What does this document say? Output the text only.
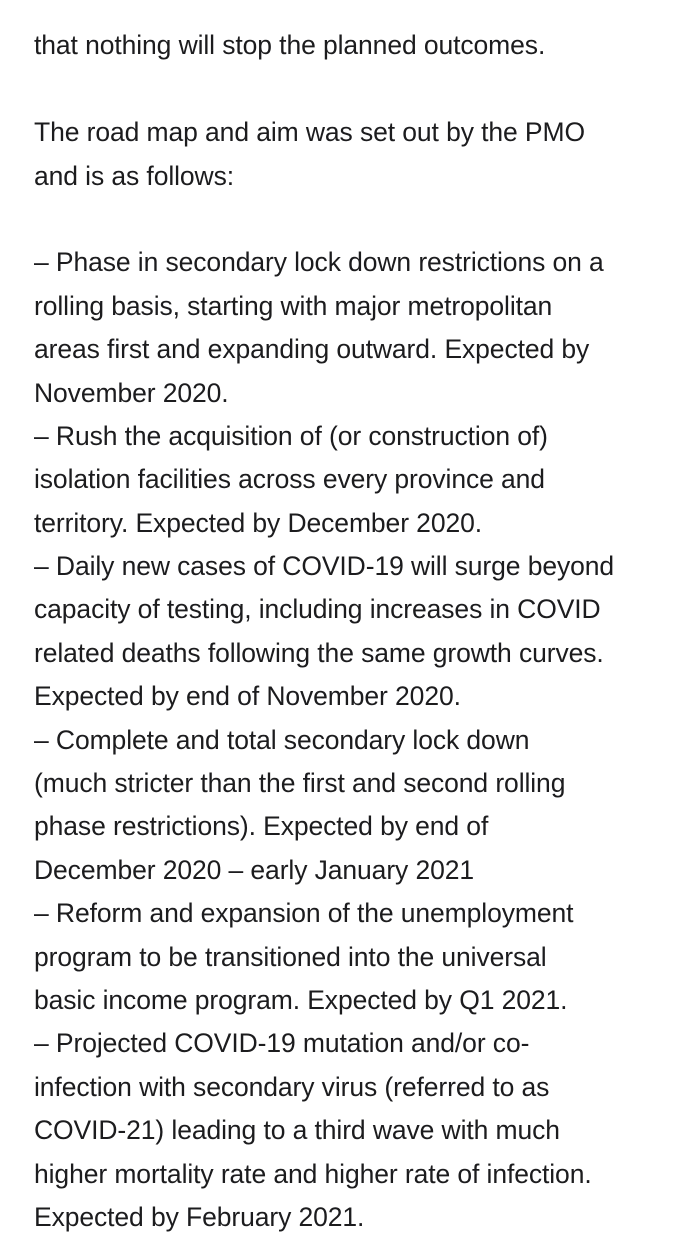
that nothing will stop the planned outcomes.
The road map and aim was set out by the PMO
and is as follows:
– Phase in secondary lock down restrictions on a
rolling basis, starting with major metropolitan
areas first and expanding outward. Expected by
November 2020.
– Rush the acquisition of (or construction of)
isolation facilities across every province and
territory. Expected by December 2020.
– Daily new cases of COVID-19 will surge beyond
capacity of testing, including increases in COVID
related deaths following the same growth curves.
Expected by end of November 2020.
– Complete and total secondary lock down
(much stricter than the first and second rolling
phase restrictions). Expected by end of
December 2020 – early January 2021
– Reform and expansion of the unemployment
program to be transitioned into the universal
basic income program. Expected by Q1 2021.
– Projected COVID-19 mutation and/or co-
infection with secondary virus (referred to as
COVID-21) leading to a third wave with much
higher mortality rate and higher rate of infection.
Expected by February 2021.
